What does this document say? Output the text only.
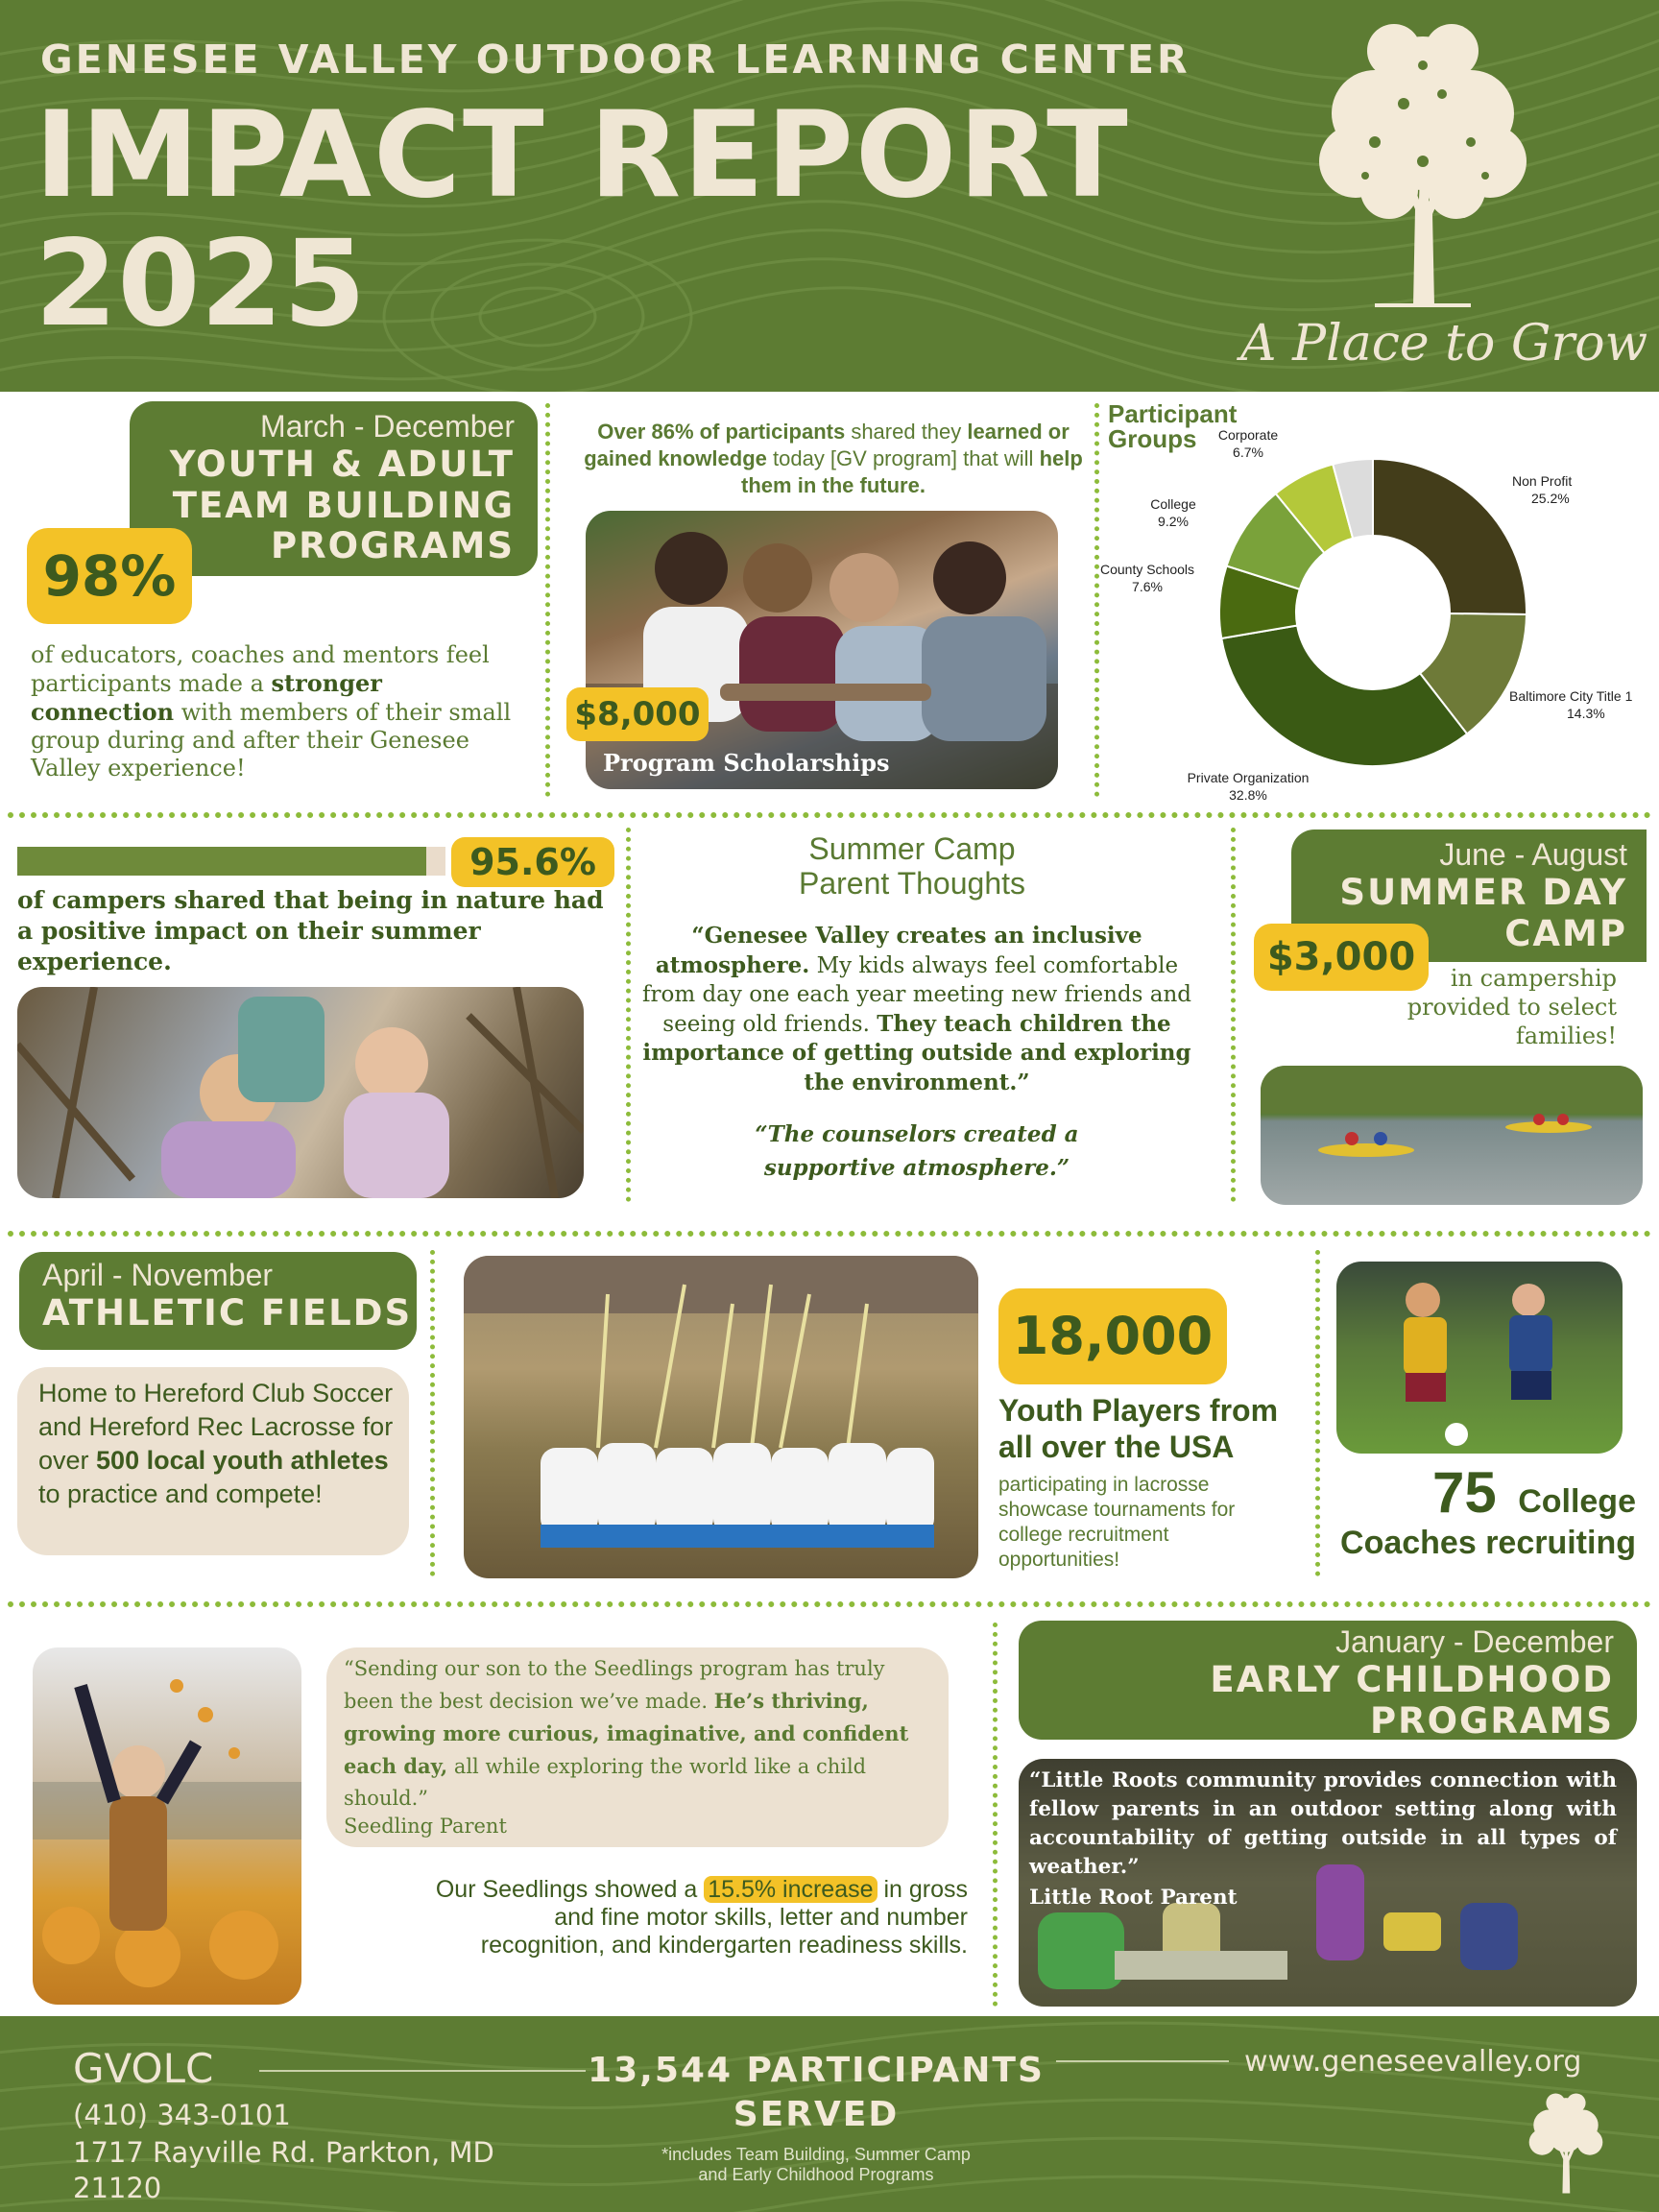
GENESEE VALLEY OUTDOOR LEARNING CENTER
IMPACT REPORT
2025	A Place to Grow
March - December
YOUTH & ADULT
TEAM BUILDING
PROGRAMS
98%
of educators, coaches and mentors feel participants made a stronger connection with members of their small group during and after their Genesee Valley experience!
Over 86% of participants shared they learned or gained knowledge today [GV program] that will help them in the future.
$8,000
Program Scholarships
Participant
Groups
Non Profit
25.2%
Baltimore City Title 1
14.3%
Private Organization
32.8%
County Schools
7.6%
College
9.2%
Corporate
6.7%
95.6%
of campers shared that being in nature had a positive impact on their summer experience.
Summer Camp
Parent Thoughts
“Genesee Valley creates an inclusive atmosphere. My kids always feel comfortable from day one each year meeting new friends and seeing old friends. They teach children the importance of getting outside and exploring the environment.”
“The counselors created a supportive atmosphere.”
June - August
SUMMER DAY
CAMP
$3,000	in campership provided to select families!
April - November
ATHLETIC FIELDS
Home to Hereford Club Soccer and Hereford Rec Lacrosse for over 500 local youth athletes to practice and compete!
18,000
Youth Players from all over the USA
participating in lacrosse showcase tournaments for college recruitment opportunities!
75 College
Coaches recruiting
“Sending our son to the Seedlings program has truly been the best decision we’ve made. He’s thriving, growing more curious, imaginative, and confident each day, all while exploring the world like a child should.”
Seedling Parent
Our Seedlings showed a 15.5% increase in gross and fine motor skills, letter and number recognition, and kindergarten readiness skills.
January - December
EARLY CHILDHOOD
PROGRAMS
“Little Roots community provides connection with fellow parents in an outdoor setting along with accountability of getting outside in all types of weather.”
Little Root Parent
GVOLC
(410) 343-0101
1717 Rayville Rd. Parkton, MD
21120
13,544 PARTICIPANTS
SERVED
*includes Team Building, Summer Camp
and Early Childhood Programs
www.geneseevalley.org
